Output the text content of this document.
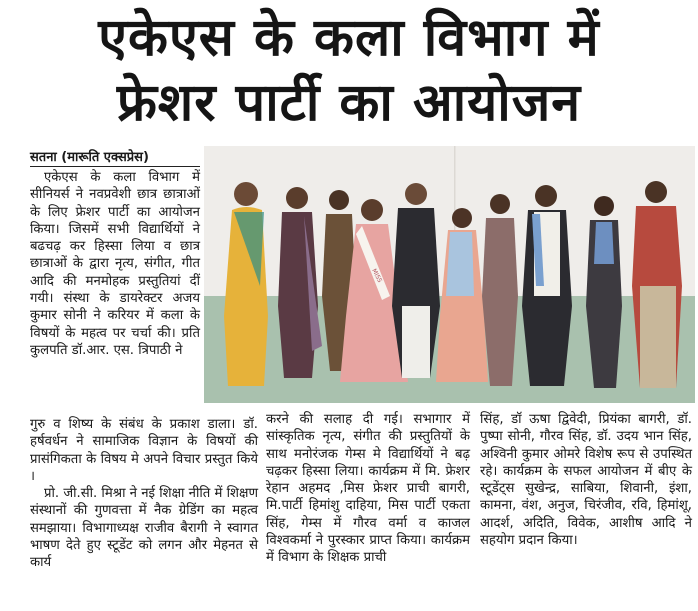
एकेएस के कला विभाग में
फ्रेशर पार्टी का आयोजन
सतना (मारूति एक्सप्रेस)

एकेएस के कला विभाग में सीनियर्स ने नवप्रवेशी छात्र छात्राओं के लिए फ्रेशर पार्टी का आयोजन किया। जिसमें सभी विद्यार्थियों ने बढचढ़ कर हिस्सा लिया व छात्र छात्राओं के द्वारा नृत्य, संगीत, गीत आदि की मनमोहक प्रस्तुतियां दीं गयी। संस्था के डायरेक्टर अजय कुमार सोनी ने करियर में कला के विषयों के महत्व पर चर्चा की। प्रति कुलपति डॉ.आर. एस. त्रिपाठी ने

MISS

गुरु व शिष्य के संबंध के प्रकाश डाला। डॉ. हर्षवर्धन ने सामाजिक विज्ञान के विषयों की प्रासंगिकता के विषय मे अपने विचार प्रस्तुत किये ।

प्रो. जी.सी. मिश्रा ने नई शिक्षा नीति में शिक्षण संस्थानों की गुणवत्ता में नैक ग्रेडिंग का महत्व समझाया। विभागाध्यक्ष राजीव बैरागी ने स्वागत भाषण देते हुए स्टूडेंट को लगन और मेहनत से कार्य

करने की सलाह दी गई। सभागार में सांस्कृतिक नृत्य, संगीत की प्रस्तुतियों के साथ मनोरंजक गेम्स मे विद्यार्थियों ने बढ़ चढ़कर हिस्सा लिया। कार्यक्रम में मि. फ्रेशर रेहान अहमद ,मिस फ्रेशर प्राची बागरी, मि.पार्टी हिमांशु दाहिया, मिस पार्टी एकता सिंह, गेम्स में गौरव वर्मा व काजल विश्वकर्मा ने पुरस्कार प्राप्त किया। कार्यक्रम में विभाग के शिक्षक प्राची

सिंह, डॉ ऊषा द्विवेदी, प्रियंका बागरी, डॉ. पुष्पा सोनी, गौरव सिंह, डॉ. उदय भान सिंह, अश्विनी कुमार ओमरे विशेष रूप से उपस्थित रहे। कार्यक्रम के सफल आयोजन में बीए के स्टूडेंट्स सुखेन्द्र, साबिया, शिवानी, इंशा, कामना, वंश, अनुज, चिरंजीव, रवि, हिमांशू, आदर्श, अदिति, विवेक, आशीष आदि ने सहयोग प्रदान किया।
